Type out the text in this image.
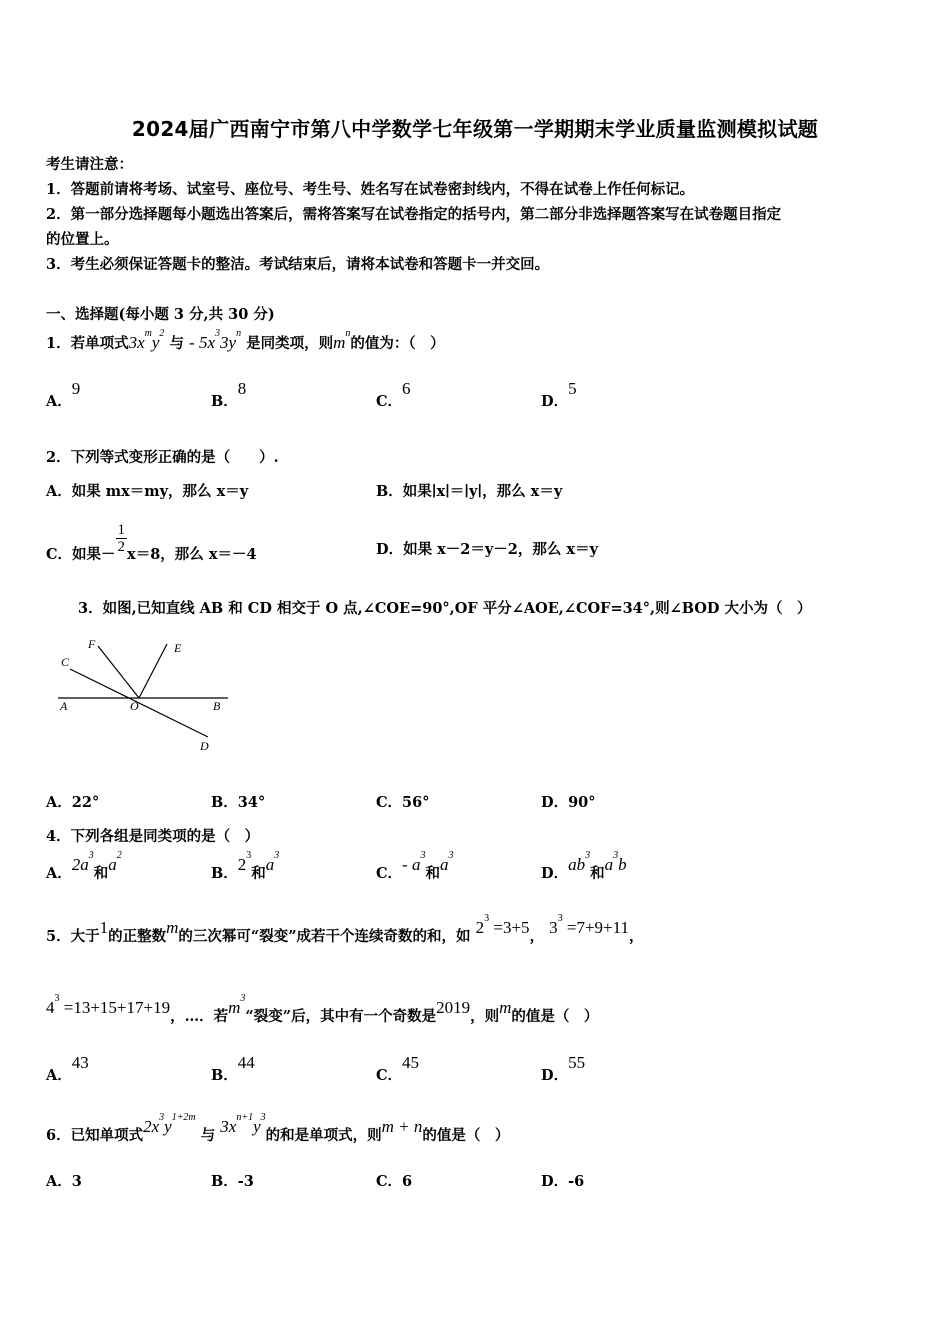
2024届广西南宁市第八中学数学七年级第一学期期末学业质量监测模拟试题
考生请注意：
1．答题前请将考场、试室号、座位号、考生号、姓名写在试卷密封线内，不得在试卷上作任何标记。
2．第一部分选择题每小题选出答案后，需将答案写在试卷指定的括号内，第二部分非选择题答案写在试卷题目指定
的位置上。
3．考生必须保证答题卡的整洁。考试结束后，请将本试卷和答题卡一并交回。
一、选择题(每小题 3 分,共 30 分)
1．若单项式$3x^my^2$ 与 - $5x^33y^n$ 是同类项，则$m^n$的值为：（　）
A．9
B．8
C．6
D．5
2．下列等式变形正确的是（　　）.
A．如果 mx＝my，那么 x＝y	B．如果∣x∣＝∣y∣，那么 x＝y
C．如果－ $\frac{1}{2} x=8$，那么 x＝－4	D．如果 x－2＝y－2，那么 x＝y
3．如图,已知直线 AB 和 CD 相交于 O 点,∠COE=90°,OF 平分∠AOE,∠COF=34°,则∠BOD 大小为（　）
A	O	B
C
D
E
F
A．22°	B．34°	C．56°	D．90°
4．下列各组是同类项的是（　）
A．$2a^3$和$a^2$
B．$2^3$和$a^3$
C．- $a^3$和$a^3$
D．$ab^3$和$a^3b$
5．大于1的正整数m的三次幂可“裂变”成若干个连续奇数的和，如 $2^3 =3+5$， $3^3 =7+9+11$，
$4^3 =13+15+17+19$，…．若$m^3“$裂变”后，其中有一个奇数是2019，则m的值是（　）
A．43
B．44
C．45
D．55
6．已知单项式$2x^3y^{1+2m}$ 与 $3x^{n+1}y^3$的和是单项式，则m + n的值是（　）
A．3	B．-3	C．6	D．-6
